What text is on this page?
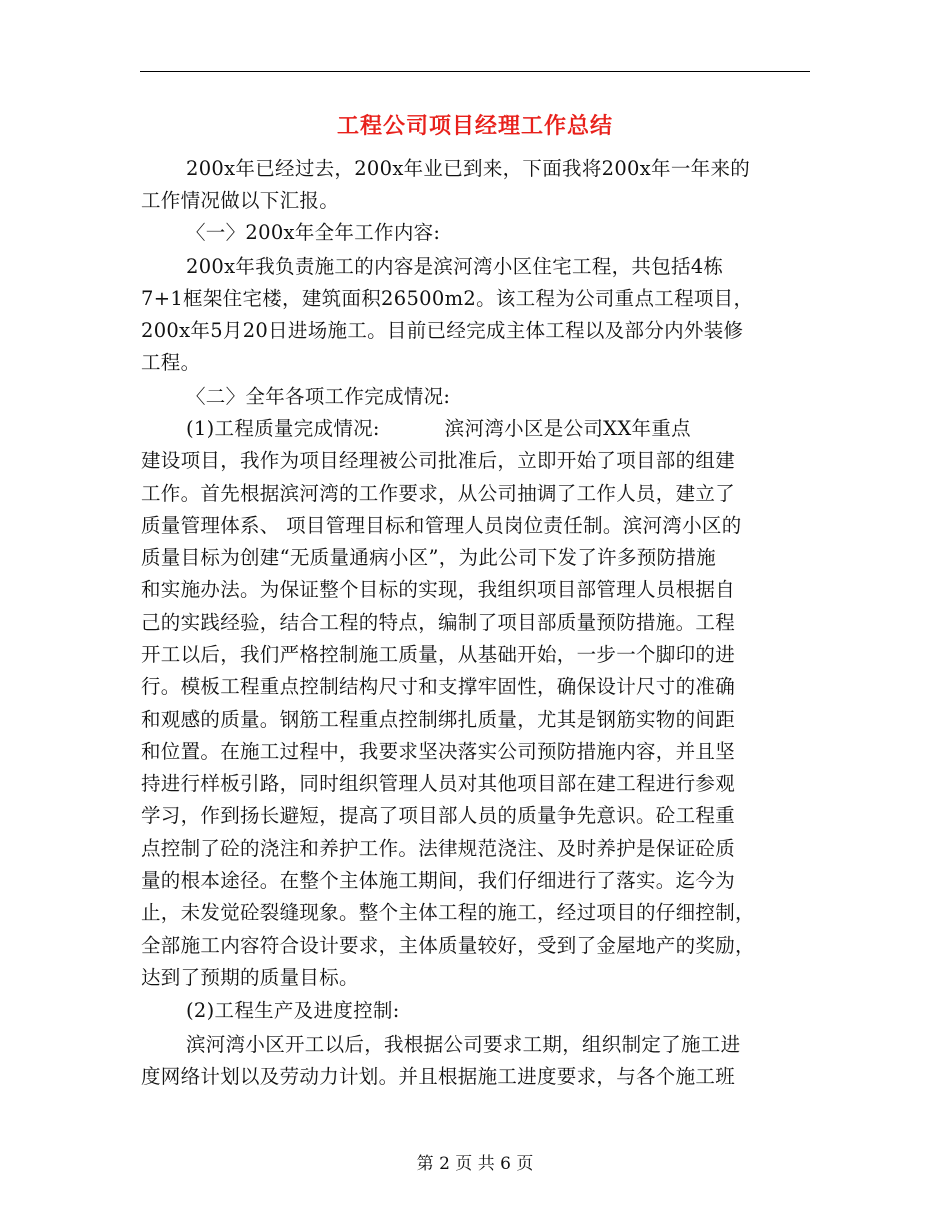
工程公司项目经理工作总结
200x年已经过去，200x年业已到来，下面我将200x年一年来的
工作情况做以下汇报。
〈一〉200x年全年工作内容:
200x年我负责施工的内容是滨河湾小区住宅工程，共包括4栋
7+1框架住宅楼，建筑面积26500m2。该工程为公司重点工程项目，
200x年5月20日进场施工。目前已经完成主体工程以及部分内外装修
工程。
〈二〉全年各项工作完成情况:
(1)工程质量完成情况:          滨河湾小区是公司XX年重点
建设项目，我作为项目经理被公司批准后，立即开始了项目部的组建
工作。首先根据滨河湾的工作要求，从公司抽调了工作人员，建立了
质量管理体系、 项目管理目标和管理人员岗位责任制。滨河湾小区的
质量目标为创建“无质量通病小区”，为此公司下发了许多预防措施
和实施办法。为保证整个目标的实现，我组织项目部管理人员根据自
己的实践经验，结合工程的特点，编制了项目部质量预防措施。工程
开工以后，我们严格控制施工质量，从基础开始，一步一个脚印的进
行。模板工程重点控制结构尺寸和支撑牢固性，确保设计尺寸的准确
和观感的质量。钢筋工程重点控制绑扎质量，尤其是钢筋实物的间距
和位置。在施工过程中，我要求坚决落实公司预防措施内容，并且坚
持进行样板引路，同时组织管理人员对其他项目部在建工程进行参观
学习，作到扬长避短，提高了项目部人员的质量争先意识。砼工程重
点控制了砼的浇注和养护工作。法律规范浇注、及时养护是保证砼质
量的根本途径。在整个主体施工期间，我们仔细进行了落实。迄今为
止，未发觉砼裂缝现象。整个主体工程的施工，经过项目的仔细控制，
全部施工内容符合设计要求，主体质量较好，受到了金屋地产的奖励，
达到了预期的质量目标。
(2)工程生产及进度控制:
滨河湾小区开工以后，我根据公司要求工期，组织制定了施工进
度网络计划以及劳动力计划。并且根据施工进度要求，与各个施工班
第 2 页 共 6 页
